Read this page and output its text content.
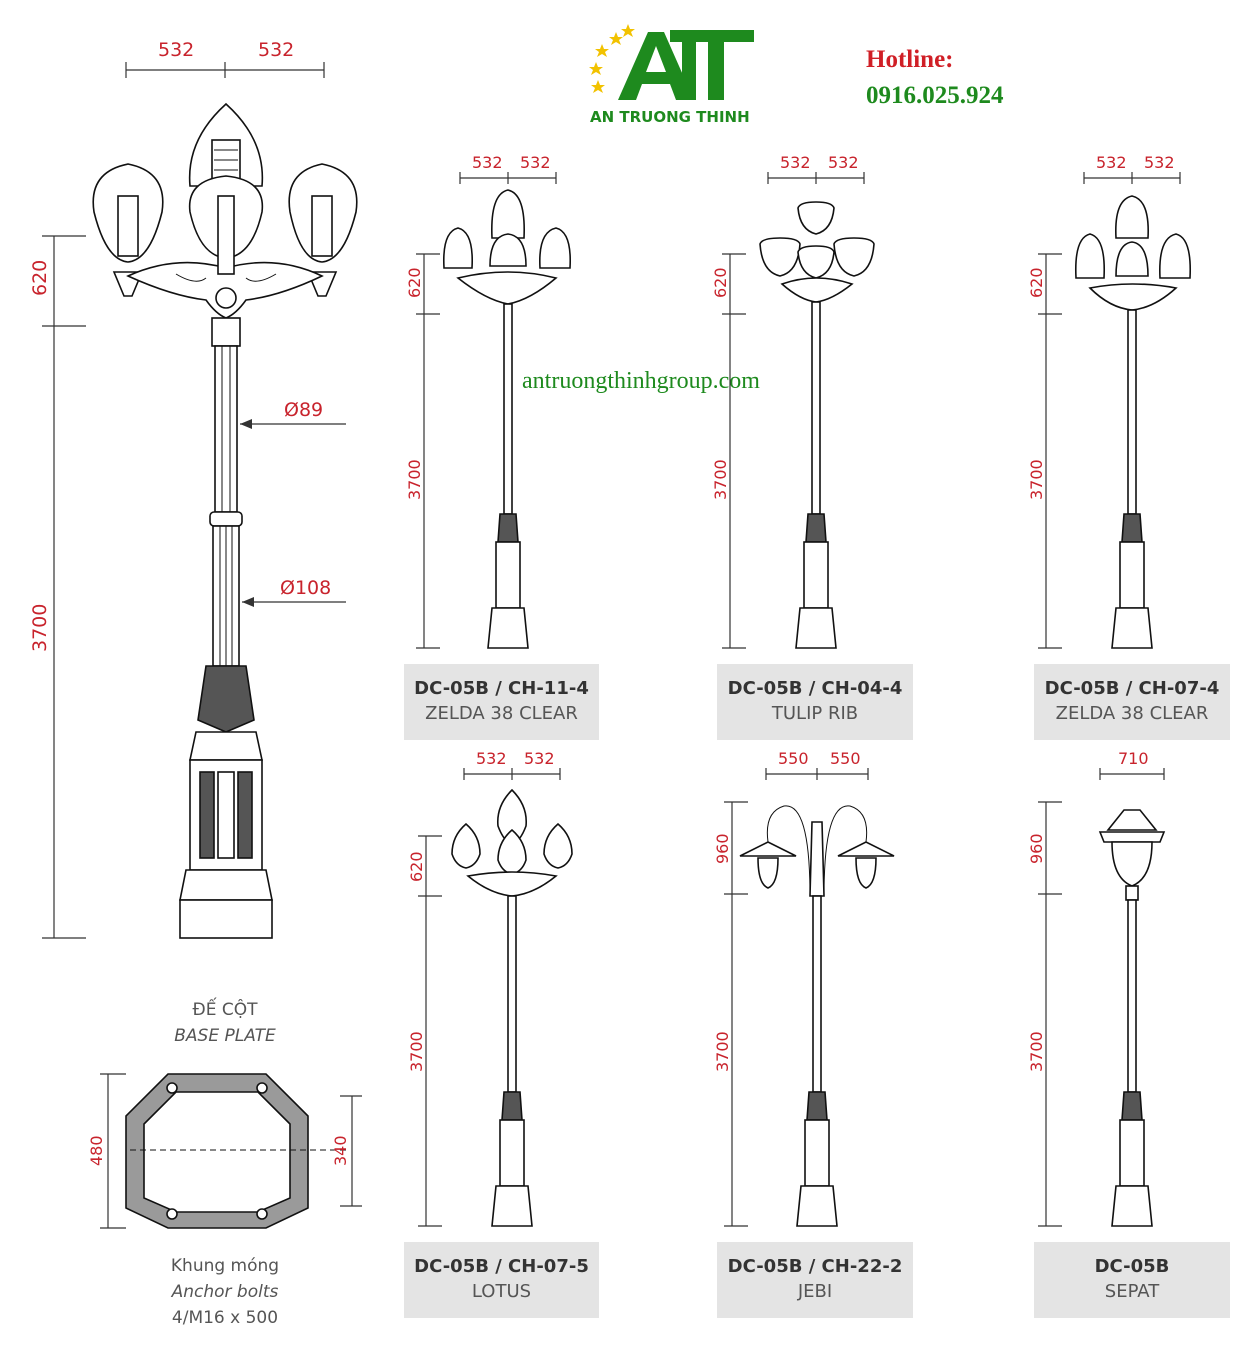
AN TRUONG THINH
Hotline:
0916.025.924
antruongthinhgroup.com
532	532
620
3700
Ø89
Ø108
ĐẾ CỘT
BASE PLATE
480	340
Khung móng
Anchor bolts
4/M16 x 500
532 532
620
3700
532 532
620
3700
532 532
620
3700
532 532
620
3700
550 550
960
3700
710
960
3700
DC-05B / CH-11-4
ZELDA 38 CLEAR
DC-05B / CH-04-4
TULIP RIB
DC-05B / CH-07-4
ZELDA 38 CLEAR
DC-05B / CH-07-5
LOTUS
DC-05B / CH-22-2
JEBI
DC-05B
SEPAT
